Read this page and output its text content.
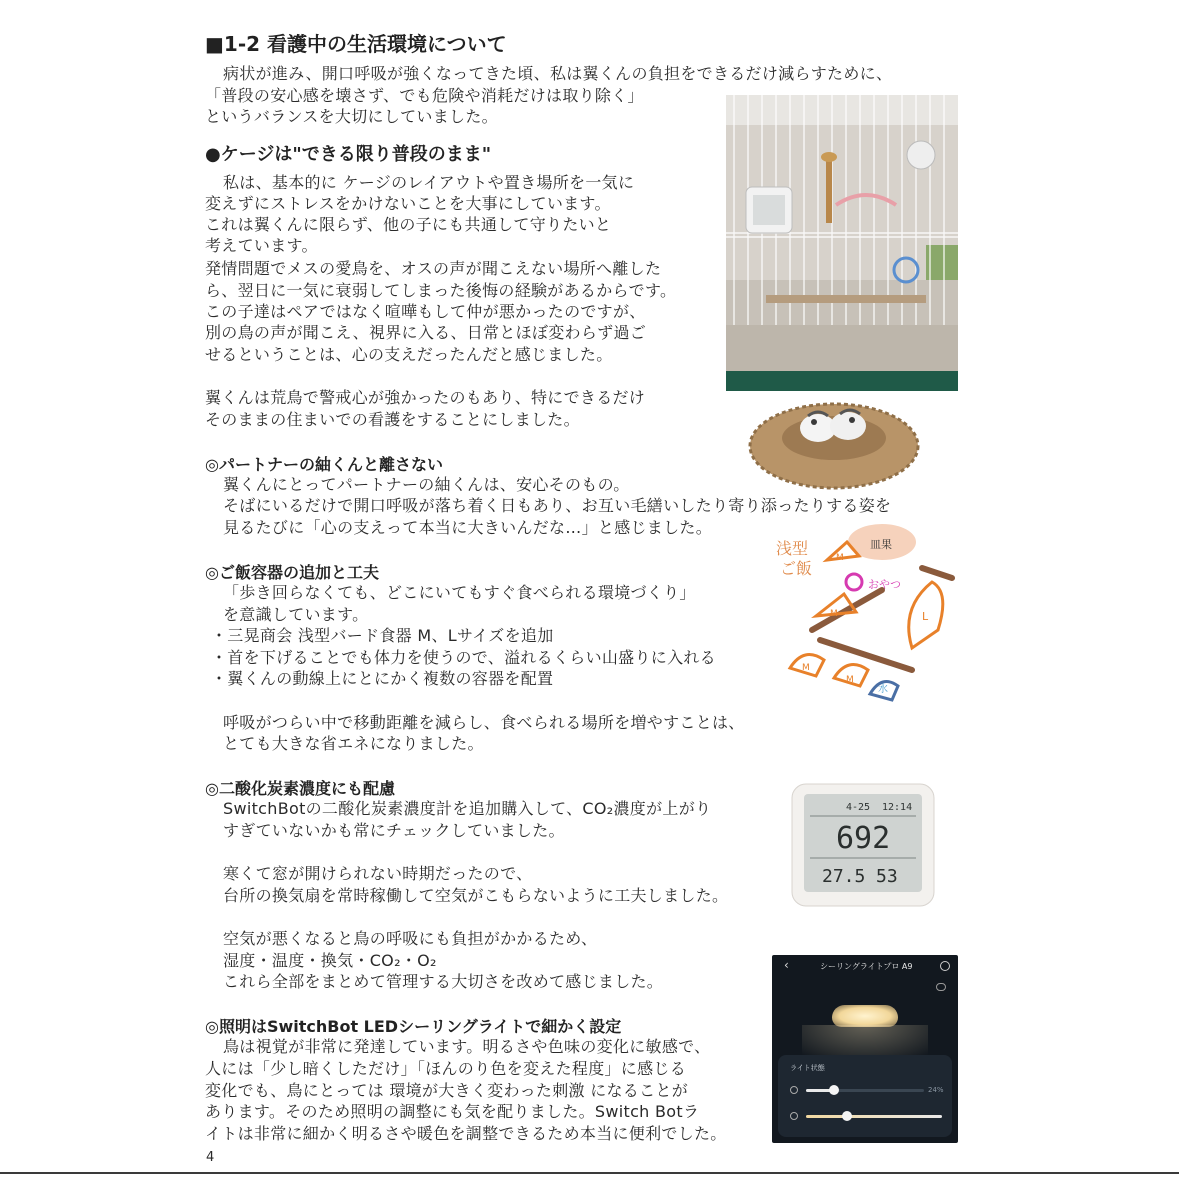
■1-2 看護中の生活環境について
病状が進み、開口呼吸が強くなってきた頃、私は翼くんの負担をできるだけ減らすために、
「普段の安心感を壊さず、でも危険や消耗だけは取り除く」
というバランスを大切にしていました。
●ケージは"できる限り普段のまま"
私は、基本的に ケージのレイアウトや置き場所を一気に
変えずにストレスをかけないことを大事にしています。
これは翼くんに限らず、他の子にも共通して守りたいと
考えています。
発情問題でメスの愛鳥を、オスの声が聞こえない場所へ離した
ら、翌日に一気に衰弱してしまった後悔の経験があるからです。
この子達はペアではなく喧嘩もして仲が悪かったのですが、
別の鳥の声が聞こえ、視界に入る、日常とほぼ変わらず過ご
せるということは、心の支えだったんだと感じました。
翼くんは荒鳥で警戒心が強かったのもあり、特にできるだけ
そのままの住まいでの看護をすることにしました。
◎パートナーの紬くんと離さない
翼くんにとってパートナーの紬くんは、安心そのもの。
そばにいるだけで開口呼吸が落ち着く日もあり、お互い毛繕いしたり寄り添ったりする姿を
見るたびに「心の支えって本当に大きいんだな…」と感じました。
◎ご飯容器の追加と工夫
「歩き回らなくても、どこにいてもすぐ食べられる環境づくり」
を意識しています。
・三晃商会 浅型バード食器 M、Lサイズを追加
・首を下げることでも体力を使うので、溢れるくらい山盛りに入れる
・翼くんの動線上にとにかく複数の容器を配置
呼吸がつらい中で移動距離を減らし、食べられる場所を増やすことは、
とても大きな省エネになりました。
浅型
ご飯
皿果
M
おやつ
M	L
M
M
水
◎二酸化炭素濃度にも配慮
SwitchBotの二酸化炭素濃度計を追加購入して、CO₂濃度が上がり
すぎていないかも常にチェックしていました。
寒くて窓が開けられない時期だったので、
台所の換気扇を常時稼働して空気がこもらないように工夫しました。
空気が悪くなると鳥の呼吸にも負担がかかるため、
湿度・温度・換気・CO₂・O₂
これら全部をまとめて管理する大切さを改めて感じました。
4-25 12:14
692
27.5 53
◎照明はSwitchBot LEDシーリングライトで細かく設定
鳥は視覚が非常に発達しています。明るさや色味の変化に敏感で、
人には「少し暗くしただけ」「ほんのり色を変えた程度」に感じる
変化でも、鳥にとっては 環境が大きく変わった刺激 になることが
あります。そのため照明の調整にも気を配りました。Switch Botラ
イトは非常に細かく明るさや暖色を調整できるため本当に便利でした。
‹	シーリングライトプロ A9
ライト状態
24%
4
